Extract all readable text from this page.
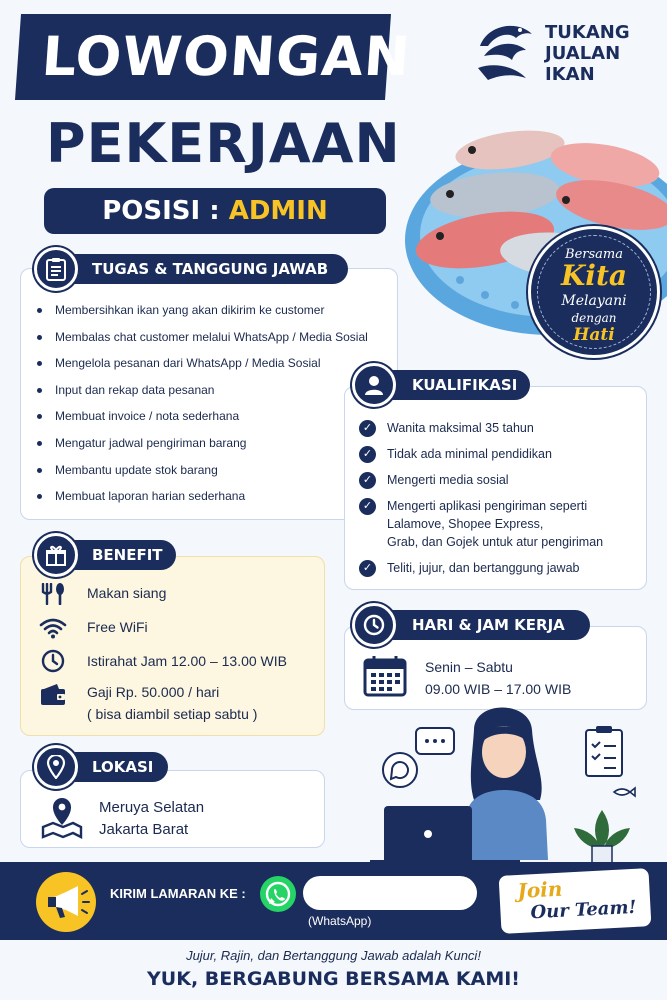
LOWONGAN
PEKERJAAN
POSISI : ADMIN
TUKANG
JUALAN
IKAN
Bersama
Kita
Melayani
dengan
Hati
Membersihkan ikan yang akan dikirim ke customer
Membalas chat customer melalui WhatsApp / Media Sosial
Mengelola pesanan dari WhatsApp / Media Sosial
Input dan rekap data pesanan
Membuat invoice / nota sederhana
Mengatur jadwal pengiriman barang
Membantu update stok barang
Membuat laporan harian sederhana
TUGAS & TANGGUNG JAWAB
✓	Wanita maksimal 35 tahun
✓	Tidak ada minimal pendidikan
✓	Mengerti media sosial
✓	Mengerti aplikasi pengiriman seperti
Lalamove, Shopee Express,
Grab, dan Gojek untuk atur pengiriman
✓	Teliti, jujur, dan bertanggung jawab
KUALIFIKASI
Makan siang
Free WiFi
Istirahat Jam 12.00 – 13.00 WIB
Gaji Rp. 50.000 / hari
( bisa diambil setiap sabtu )
BENEFIT
Senin – Sabtu
09.00 WIB – 17.00 WIB
HARI & JAM KERJA
Meruya Selatan
Jakarta Barat
LOKASI
KIRIM LAMARAN KE :
(WhatsApp)
Join
Our Team!
Jujur, Rajin, dan Bertanggung Jawab adalah Kunci!
YUK, BERGABUNG BERSAMA KAMI!
